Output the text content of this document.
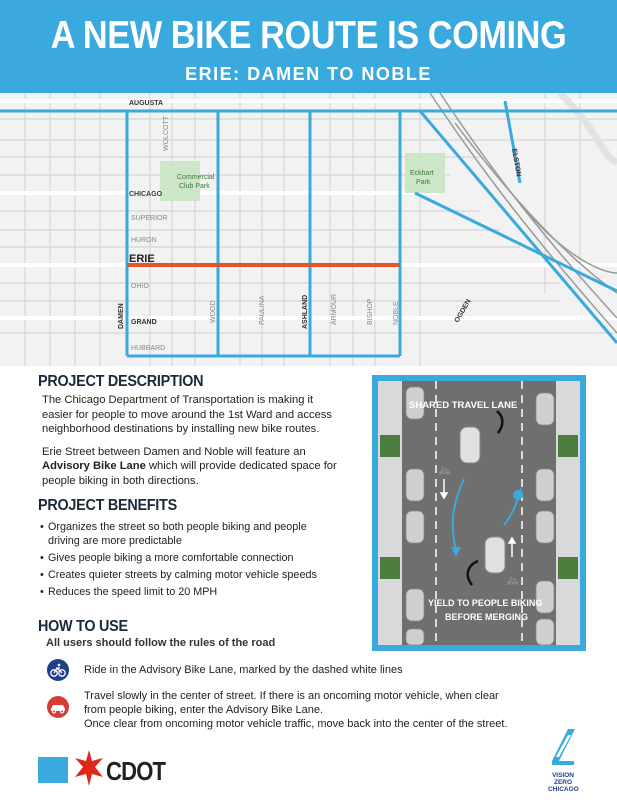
A NEW BIKE ROUTE IS COMING
ERIE: DAMEN TO NOBLE
AUGUSTA
WOLCOTT
CHICAGO
SUPERIOR
HURON
ERIE
OHIO
GRAND
HUBBARD
DAMEN	WOOD	PAULINA	ASHLAND	ARMOUR	BISHOP	NOBLE	OGDEN
ELSTON
Commercial
Club Park
Eckhart
Park
PROJECT DESCRIPTION
The Chicago Department of Transportation is making it
easier for people to move around the 1st Ward and access
neighborhood destinations by installing new bike routes.
Erie Street between Damen and Noble will feature an
Advisory Bike Lane which will provide dedicated space for
people biking in both directions.
PROJECT BENEFITS
• Organizes the street so both people biking and people
driving are more predictable
• Gives people biking a more comfortable connection
• Creates quieter streets by calming motor vehicle speeds
• Reduces the speed limit to 20 MPH
🚲
🚲
SHARED TRAVEL LANE
YIELD TO PEOPLE BIKING
BEFORE MERGING
HOW TO USE
All users should follow the rules of the road
Ride in the Advisory Bike Lane, marked by the dashed white lines
Travel slowly in the center of street. If there is an oncoming motor vehicle, when clear
from people biking, enter the Advisory Bike Lane.
Once clear from oncoming motor vehicle traffic, move back into the center of the street.
CDOT	VISION
ZERO
CHICAGO
